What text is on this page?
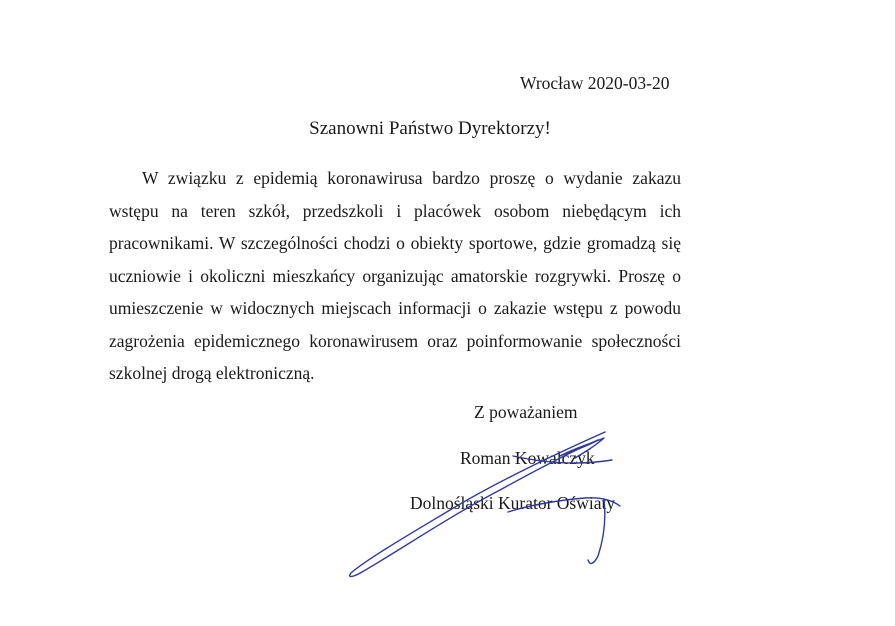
Wrocław 2020-03-20
Szanowni Państwo Dyrektorzy!

W związku z epidemią koronawirusa bardzo proszę o wydanie zakazu wstępu na teren szkół, przedszkoli i placówek osobom niebędącym ich pracownikami. W szczególności chodzi o obiekty sportowe, gdzie gromadzą się uczniowie i okoliczni mieszkańcy organizując amatorskie rozgrywki. Proszę o umieszczenie w widocznych miejscach informacji o zakazie wstępu z powodu zagrożenia epidemicznego koronawirusem oraz poinformowanie społeczności szkolnej drogą elektroniczną.

Z poważaniem
Roman Kowalczyk
Dolnośląski Kurator Oświaty
